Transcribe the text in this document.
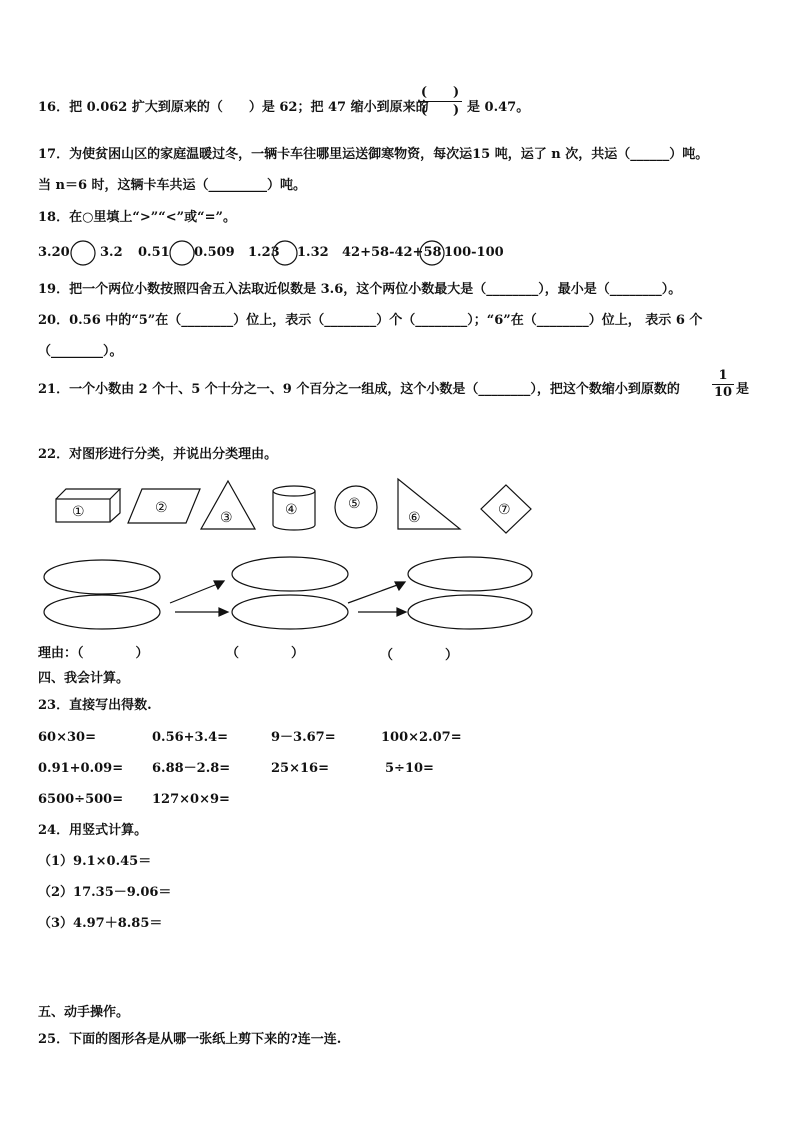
16．把 0.062 扩大到原来的（　　）是 62；把 47 缩小到原来的
(　　)
(　　) 是 0.47。
17．为使贫困山区的家庭温暖过冬，一辆卡车往哪里运送御寒物资，每次运15 吨，运了 n 次，共运（______）吨。
当 n＝6 时，这辆卡车共运（_________）吨。
18．在○里填上“>”“<”或“=”。
3.20 3.2 0.51 0.509 1.23 1.32 42+58-42+58 100-100
19．把一个两位小数按照四舍五入法取近似数是 3.6，这个两位小数最大是（________），最小是（________）。
20．0.56 中的“5”在（________）位上，表示（________）个（________）；“6”在（________）位上， 表示 6 个
（________）。
21．一个小数由 2 个十、5 个十分之一、9 个百分之一组成，这个小数是（________），把这个数缩小到原数的
1
10 是
22．对图形进行分类，并说出分类理由。
①	②
③	④	⑤
⑥	⑦
理由：（　　　　）	（　　　　）	（　　　　）
四、我会计算。
23．直接写出得数.
60×30=	0.56+3.4=	9－3.67=	100×2.07=
0.91+0.09= 6.88－2.8=	25×16=	5÷10=
6500÷500= 127×0×9=
24．用竖式计算。
（1）9.1×0.45＝
（2）17.35－9.06＝
（3）4.97＋8.85＝
五、动手操作。
25．下面的图形各是从哪一张纸上剪下来的?连一连.
